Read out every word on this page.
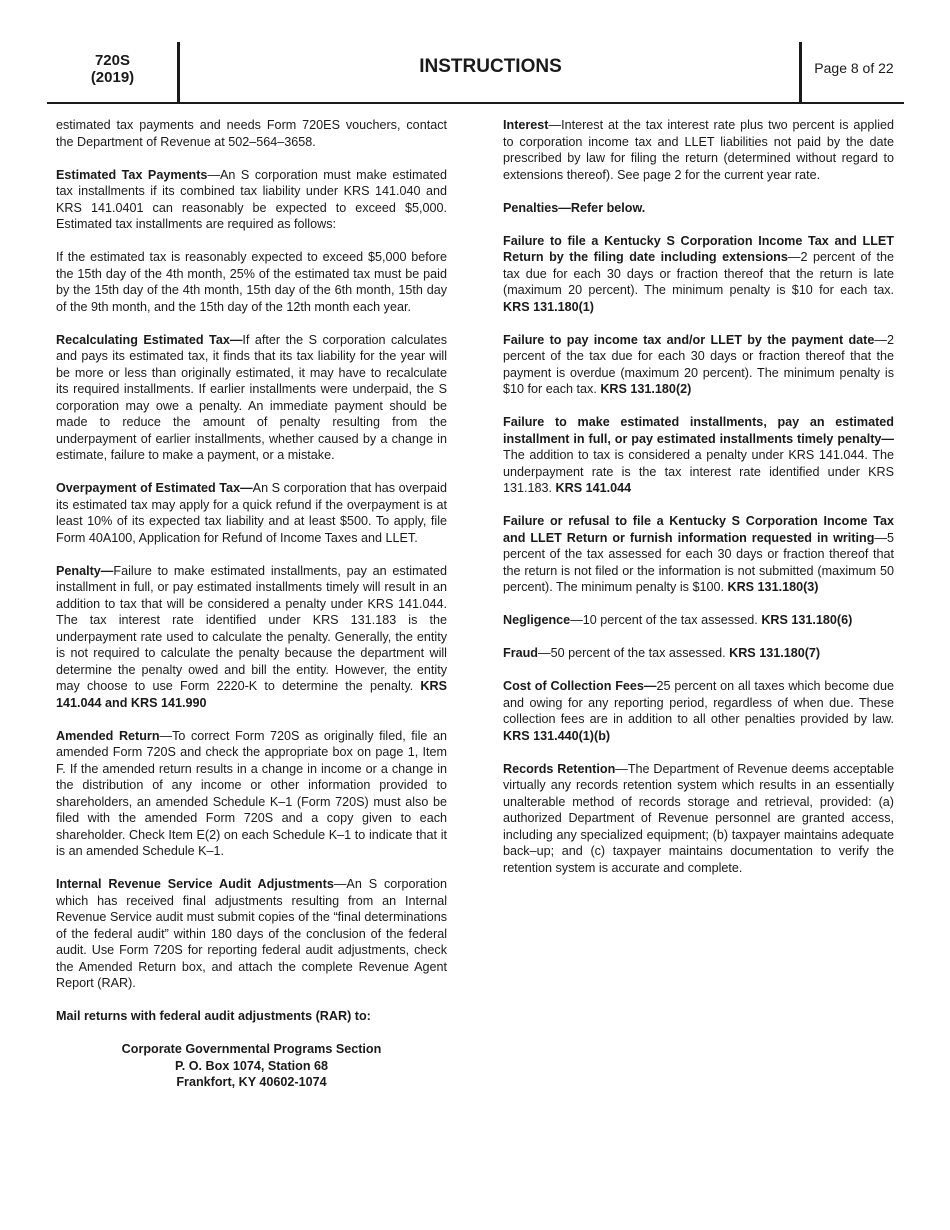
720S
(2019)
INSTRUCTIONS	Page 8 of 22

estimated tax payments and needs Form 720ES vouchers, contact the Department of Revenue at 502–564–3658.

Estimated Tax Payments—An S corporation must make estimated tax installments if its combined tax liability under KRS 141.040 and KRS 141.0401 can reasonably be expected to exceed $5,000. Estimated tax installments are required as follows:

If the estimated tax is reasonably expected to exceed $5,000 before the 15th day of the 4th month, 25% of the estimated tax must be paid by the 15th day of the 4th month, 15th day of the 6th month, 15th day of the 9th month, and the 15th day of the 12th month each year.

Recalculating Estimated Tax—If after the S corporation calculates and pays its estimated tax, it finds that its tax liability for the year will be more or less than originally estimated, it may have to recalculate its required installments. If earlier installments were underpaid, the S corporation may owe a penalty. An immediate payment should be made to reduce the amount of penalty resulting from the underpayment of earlier installments, whether caused by a change in estimate, failure to make a payment, or a mistake.

Overpayment of Estimated Tax—An S corporation that has overpaid its estimated tax may apply for a quick refund if the overpayment is at least 10% of its expected tax liability and at least $500. To apply, file Form 40A100, Application for Refund of Income Taxes and LLET.

Penalty—Failure to make estimated installments, pay an estimated installment in full, or pay estimated installments timely will result in an addition to tax that will be considered a penalty under KRS 141.044. The tax interest rate identified under KRS 131.183 is the underpayment rate used to calculate the penalty. Generally, the entity is not required to calculate the penalty because the department will determine the penalty owed and bill the entity. However, the entity may choose to use Form 2220-K to determine the penalty. KRS 141.044 and KRS 141.990

Amended Return—To correct Form 720S as originally filed, file an amended Form 720S and check the appropriate box on page 1, Item F. If the amended return results in a change in income or a change in the distribution of any income or other information provided to shareholders, an amended Schedule K–1 (Form 720S) must also be filed with the amended Form 720S and a copy given to each shareholder. Check Item E(2) on each Schedule K–1 to indicate that it is an amended Schedule K–1.

Internal Revenue Service Audit Adjustments—An S corporation which has received final adjustments resulting from an Internal Revenue Service audit must submit copies of the “final determinations of the federal audit” within 180 days of the conclusion of the federal audit. Use Form 720S for reporting federal audit adjustments, check the Amended Return box, and attach the complete Revenue Agent Report (RAR).

Mail returns with federal audit adjustments (RAR) to:

Corporate Governmental Programs Section
P. O. Box 1074, Station 68
Frankfort, KY 40602-1074

Interest—Interest at the tax interest rate plus two percent is applied to corporation income tax and LLET liabilities not paid by the date prescribed by law for filing the return (determined without regard to extensions thereof). See page 2 for the current year rate.

Penalties—Refer below.

Failure to file a Kentucky S Corporation Income Tax and LLET Return by the filing date including extensions—2 percent of the tax due for each 30 days or fraction thereof that the return is late (maximum 20 percent). The minimum penalty is $10 for each tax. KRS 131.180(1)

Failure to pay income tax and/or LLET by the payment date—2 percent of the tax due for each 30 days or fraction thereof that the payment is overdue (maximum 20 percent). The minimum penalty is $10 for each tax. KRS 131.180(2)

Failure to make estimated installments, pay an estimated installment in full, or pay estimated installments timely penalty—The addition to tax is considered a penalty under KRS 141.044. The underpayment rate is the tax interest rate identified under KRS 131.183. KRS 141.044

Failure or refusal to file a Kentucky S Corporation Income Tax and LLET Return or furnish information requested in writing—5 percent of the tax assessed for each 30 days or fraction thereof that the return is not filed or the information is not submitted (maximum 50 percent). The minimum penalty is $100. KRS 131.180(3)

Negligence—10 percent of the tax assessed. KRS 131.180(6)

Fraud—50 percent of the tax assessed. KRS 131.180(7)

Cost of Collection Fees—25 percent on all taxes which become due and owing for any reporting period, regardless of when due. These collection fees are in addition to all other penalties provided by law. KRS 131.440(1)(b)

Records Retention—The Department of Revenue deems acceptable virtually any records retention system which results in an essentially unalterable method of records storage and retrieval, provided: (a) authorized Department of Revenue personnel are granted access, including any specialized equipment; (b) taxpayer maintains adequate back–up; and (c) taxpayer maintains documentation to verify the retention system is accurate and complete.
